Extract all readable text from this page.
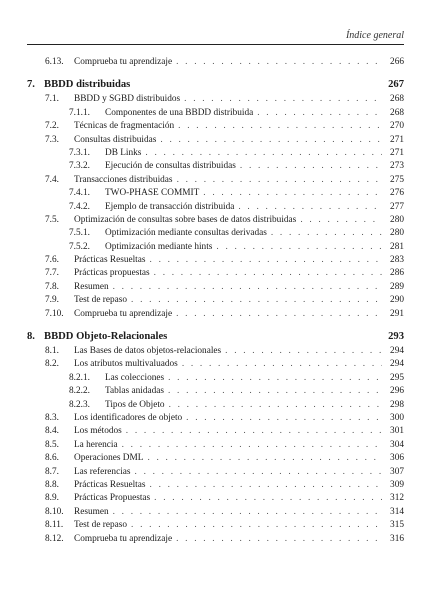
Índice general
6.13.	Comprueba tu aprendizaje . . .	266
7. BBDD distribuidas	267
7.1.	BBDD y SGBD distribuidos . . .	268
7.1.1.	Componentes de una BBDD distribuida . . .	268
7.2.	Técnicas de fragmentación . . .	270
7.3.	Consultas distribuidas . . .	271
7.3.1.	DB Links . . .	271
7.3.2.	Ejecución de consultas distribuidas . . .	273
7.4.	Transacciones distribuidas . . .	275
7.4.1.	TWO-PHASE COMMIT . . .	276
7.4.2.	Ejemplo de transacción distribuida . . .	277
7.5.	Optimización de consultas sobre bases de datos distribuidas . . .	280
7.5.1.	Optimización mediante consultas derivadas . . .	280
7.5.2.	Optimización mediante hints . . .	281
7.6.	Prácticas Resueltas . . .	283
7.7.	Prácticas propuestas . . .	286
7.8.	Resumen . . .	289
7.9.	Test de repaso . . .	290
7.10.	Comprueba tu aprendizaje . . .	291
8. BBDD Objeto-Relacionales	293
8.1.	Las Bases de datos objetos-relacionales . . .	294
8.2.	Los atributos multivaluados . . .	294
8.2.1.	Las colecciones . . .	295
8.2.2.	Tablas anidadas . . .	296
8.2.3.	Tipos de Objeto . . .	298
8.3.	Los identificadores de objeto . . .	300
8.4.	Los métodos . . .	301
8.5.	La herencia . . .	304
8.6.	Operaciones DML . . .	306
8.7.	Las referencias . . .	307
8.8.	Prácticas Resueltas . . .	309
8.9.	Prácticas Propuestas . . .	312
8.10.	Resumen . . .	314
8.11.	Test de repaso . . .	315
8.12.	Comprueba tu aprendizaje . . .	316
